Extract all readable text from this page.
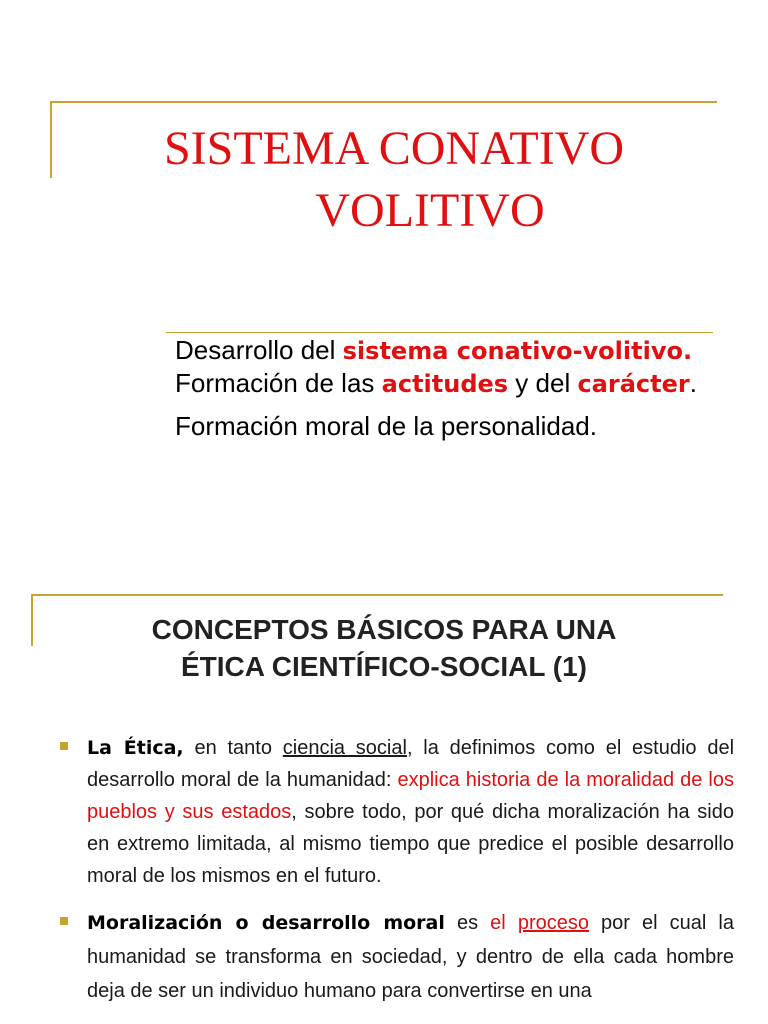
SISTEMA CONATIVO
VOLITIVO

Desarrollo del sistema conativo-volitivo. Formación de las actitudes y del carácter.

Formación moral de la personalidad.

CONCEPTOS BÁSICOS PARA UNA
ÉTICA CIENTÍFICO-SOCIAL (1)
La Ética, en tanto ciencia social, la definimos como el estudio del desarrollo moral de la humanidad: explica historia de la moralidad de los pueblos y sus estados, sobre todo, por qué dicha moralización ha sido en extremo limitada, al mismo tiempo que predice el posible desarrollo moral de los mismos en el futuro.
Moralización o desarrollo moral es el proceso por el cual la humanidad se transforma en sociedad, y dentro de ella cada hombre deja de ser un individuo humano para convertirse en una
